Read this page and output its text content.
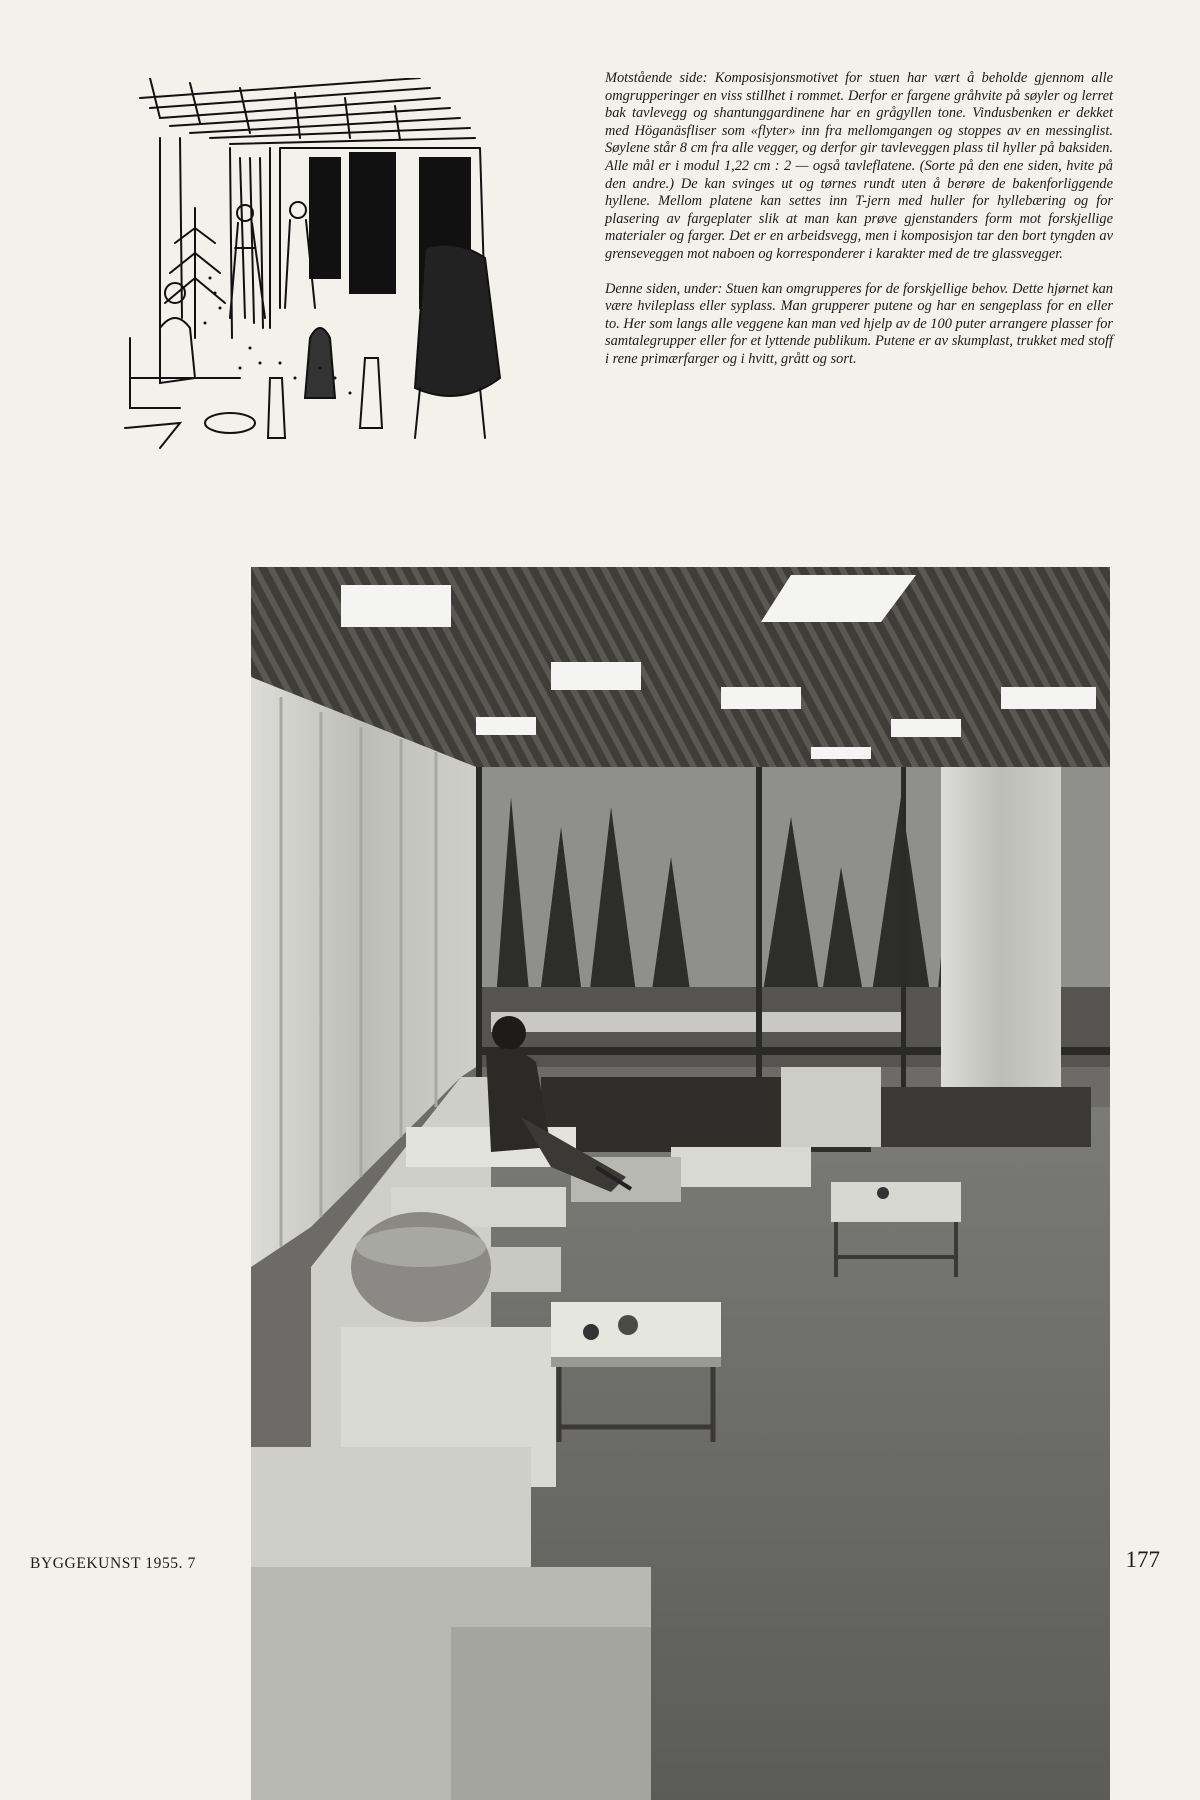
Motstående side: Komposisjonsmotivet for stuen har vært å beholde gjennom alle omgrupperinger en viss stillhet i rommet. Derfor er fargene gråhvite på søyler og lerret bak tavlevegg og shantunggardinene har en grågyllen tone. Vindusbenken er dekket med Höganäsfliser som «flyter» inn fra mellomgangen og stoppes av en messinglist. Søylene står 8 cm fra alle vegger, og derfor gir tavleveggen plass til hyller på baksiden. Alle mål er i modul 1,22 cm : 2 — også tavleflatene. (Sorte på den ene siden, hvite på den andre.) De kan svinges ut og tørnes rundt uten å berøre de bakenforliggende hyllene. Mellom platene kan settes inn T-jern med huller for hyllebæring og for plasering av fargeplater slik at man kan prøve gjenstanders form mot forskjellige materialer og farger. Det er en arbeidsvegg, men i komposisjon tar den bort tyngden av grenseveggen mot naboen og korresponderer i karakter med de tre glassvegger.

Denne siden, under: Stuen kan omgrupperes for de forskjellige behov. Dette hjørnet kan være hvileplass eller syplass. Man grupperer putene og har en sengeplass for en eller to. Her som langs alle veggene kan man ved hjelp av de 100 puter arrangere plasser for samtalegrupper eller for et lyttende publikum. Putene er av skumplast, trukket med stoff i rene primærfarger og i hvitt, grått og sort.

BYGGEKUNST 1955. 7	177
